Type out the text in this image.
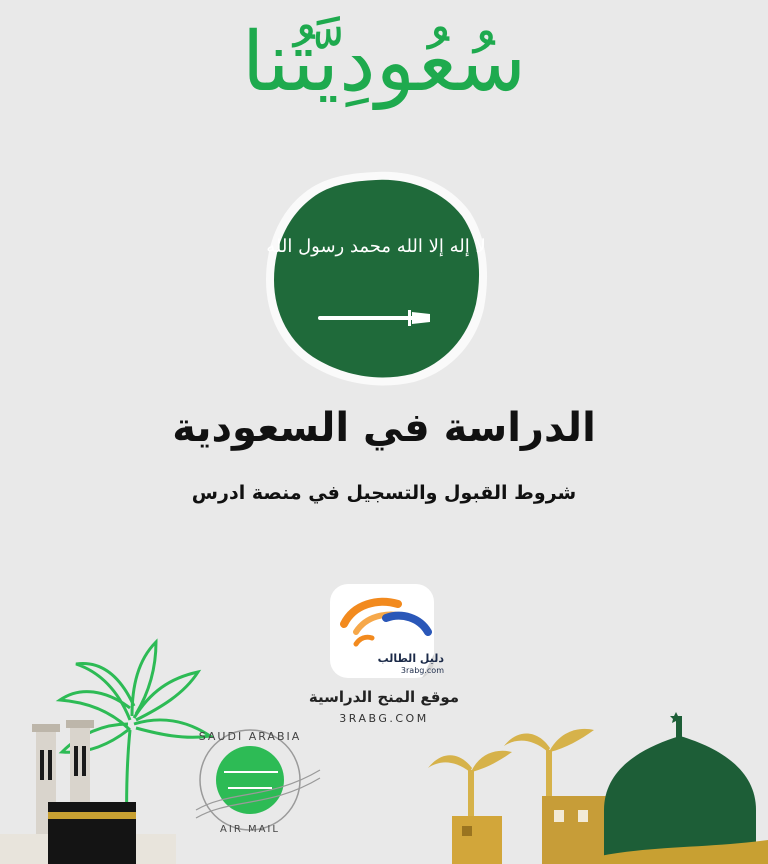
سُعُودِيَّتُنا
لا إله إلا الله محمد رسول الله
الدراسة في السعودية
شروط القبول والتسجيل في منصة ادرس
دليل الطالب
3rabg.com
موقع المنح الدراسية
3RABG.COM
SAUDI ARABIA
AIR MAIL
